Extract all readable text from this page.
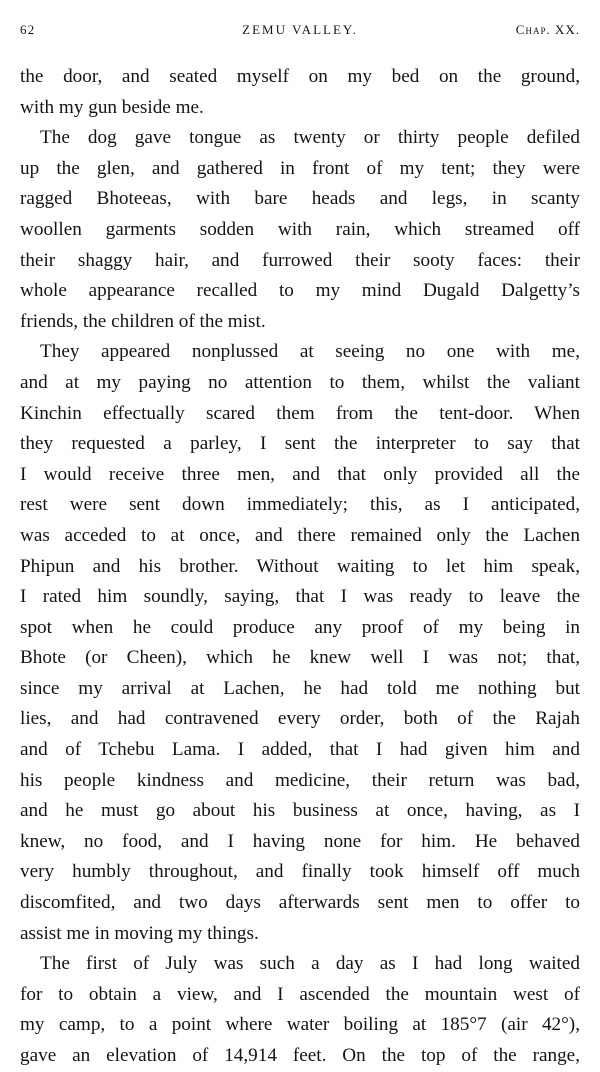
62	ZEMU VALLEY.	Chap. XX.
the door, and seated myself on my bed on the ground,
with my gun beside me.
The dog gave tongue as twenty or thirty people defiled
up the glen, and gathered in front of my tent; they were
ragged Bhoteeas, with bare heads and legs, in scanty
woollen garments sodden with rain, which streamed off
their shaggy hair, and furrowed their sooty faces: their
whole appearance recalled to my mind Dugald Dalgetty’s
friends, the children of the mist.
They appeared nonplussed at seeing no one with me,
and at my paying no attention to them, whilst the valiant
Kinchin effectually scared them from the tent-door. When
they requested a parley, I sent the interpreter to say that
I would receive three men, and that only provided all the
rest were sent down immediately; this, as I anticipated,
was acceded to at once, and there remained only the Lachen
Phipun and his brother. Without waiting to let him speak,
I rated him soundly, saying, that I was ready to leave the
spot when he could produce any proof of my being in
Bhote (or Cheen), which he knew well I was not; that,
since my arrival at Lachen, he had told me nothing but
lies, and had contravened every order, both of the Rajah
and of Tchebu Lama. I added, that I had given him and
his people kindness and medicine, their return was bad,
and he must go about his business at once, having, as I
knew, no food, and I having none for him. He behaved
very humbly throughout, and finally took himself off much
discomfited, and two days afterwards sent men to offer to
assist me in moving my things.
The first of July was such a day as I had long waited
for to obtain a view, and I ascended the mountain west of
my camp, to a point where water boiling at 185°7 (air 42°),
gave an elevation of 14,914 feet. On the top of the range,
